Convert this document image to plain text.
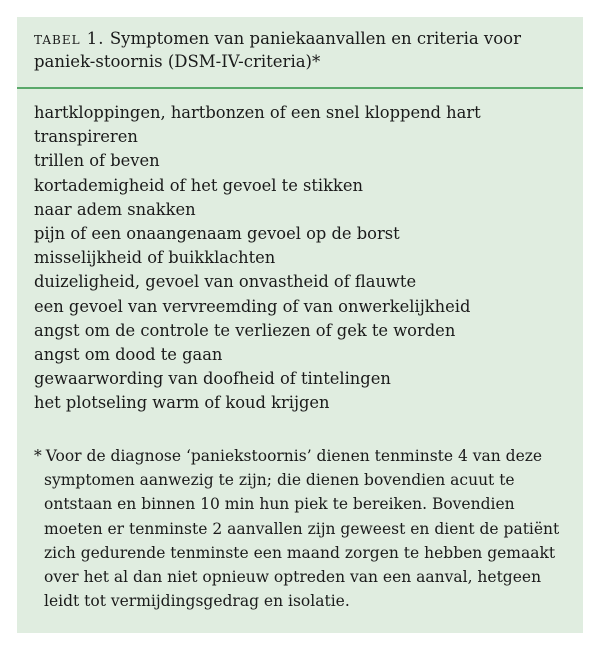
tabel 1. Symptomen van paniekaanvallen en criteria voor paniek-stoornis (DSM-IV-criteria)*
hartkloppingen, hartbonzen of een snel kloppend hart
transpireren
trillen of beven
kortademigheid of het gevoel te stikken
naar adem snakken
pijn of een onaangenaam gevoel op de borst
misselijkheid of buikklachten
duizeligheid, gevoel van onvastheid of flauwte
een gevoel van vervreemding of van onwerkelijkheid
angst om de controle te verliezen of gek te worden
angst om dood te gaan
gewaarwording van doofheid of tintelingen
het plotseling warm of koud krijgen
* Voor de diagnose ‘paniekstoornis’ dienen tenminste 4 van deze symptomen aanwezig te zijn; die dienen bovendien acuut te ontstaan en binnen 10 min hun piek te bereiken. Bovendien moeten er tenminste 2 aanvallen zijn geweest en dient de patiënt zich gedurende tenminste een maand zorgen te hebben gemaakt over het al dan niet opnieuw optreden van een aanval, hetgeen leidt tot vermijdingsgedrag en isolatie.
